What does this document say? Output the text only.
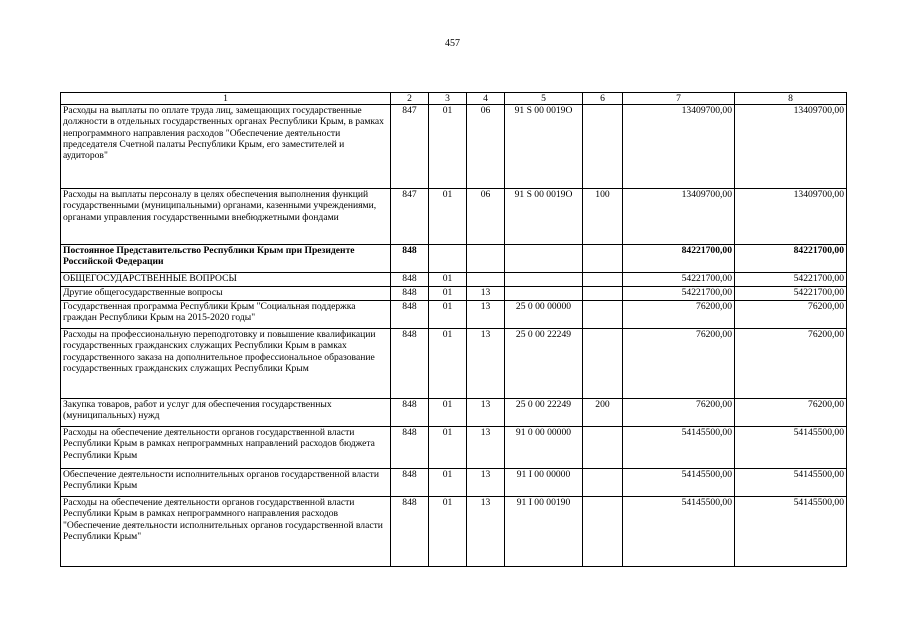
457
1	2	3	4	5	6	7	8
Расходы на выплаты по оплате труда лиц, замещающих государственные должности в отдельных государственных органах Республики Крым, в рамках непрограммного направления расходов "Обеспечение деятельности председателя Счетной палаты Республики Крым, его заместителей и аудиторов"	847	01	06	91 S 00 0019O		13409700,00	13409700,00
Расходы на выплаты персоналу в целях обеспечения выполнения функций государственными (муниципальными) органами, казенными учреждениями, органами управления государственными внебюджетными фондами	847	01	06	91 S 00 0019O	100	13409700,00	13409700,00
Постоянное Представительство Республики Крым при Президенте Российской Федерации	848					84221700,00	84221700,00
ОБЩЕГОСУДАРСТВЕННЫЕ ВОПРОСЫ	848	01				54221700,00	54221700,00
Другие общегосударственные вопросы	848	01	13			54221700,00	54221700,00
Государственная программа Республики Крым "Социальная поддержка граждан Республики Крым на 2015-2020 годы"	848	01	13	25 0 00 00000		76200,00	76200,00
Расходы на профессиональную переподготовку и повышение квалификации государственных гражданских служащих Республики Крым в рамках государственного заказа на дополнительное профессиональное образование государственных гражданских служащих Республики Крым	848	01	13	25 0 00 22249		76200,00	76200,00
Закупка товаров, работ и услуг для обеспечения государственных (муниципальных) нужд	848	01	13	25 0 00 22249	200	76200,00	76200,00
Расходы на обеспечение деятельности органов государственной власти Республики Крым в рамках непрограммных направлений расходов бюджета Республики Крым	848	01	13	91 0 00 00000		54145500,00	54145500,00
Обеспечение деятельности исполнительных органов государственной власти Республики Крым	848	01	13	91 I 00 00000		54145500,00	54145500,00
Расходы на обеспечение деятельности органов государственной власти Республики Крым в рамках непрограммного направления расходов "Обеспечение деятельности исполнительных органов государственной власти Республики Крым"	848	01	13	91 I 00 00190		54145500,00	54145500,00
